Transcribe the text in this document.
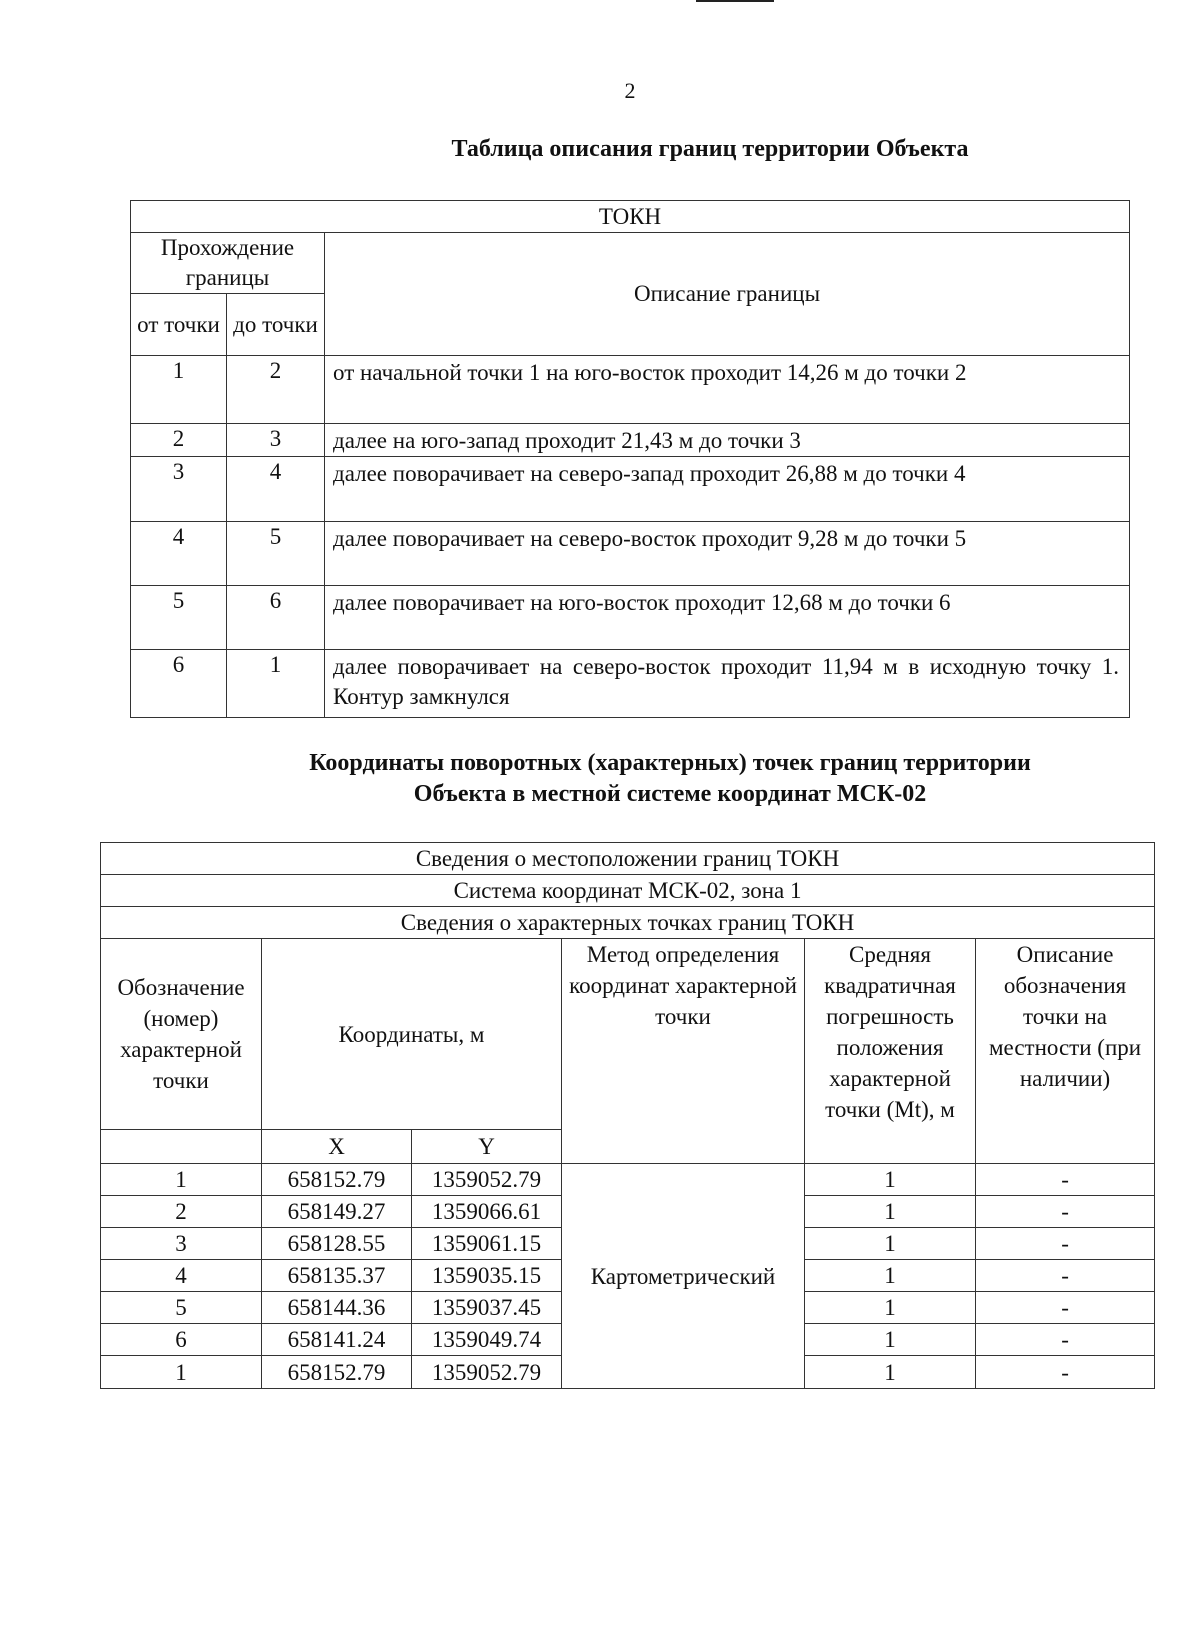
2
Таблица описания границ территории Объекта
ТОКН		
Прохождение границы		Описание границы
от точки	до точки	
1	2	от начальной точки 1 на юго-восток проходит 14,26 м до точки 2
2	3	далее на юго-запад проходит 21,43 м до точки 3
3	4	далее поворачивает на северо-запад проходит 26,88 м до точки 4
4	5	далее поворачивает на северо-восток проходит 9,28 м до точки 5
5	6	далее поворачивает на юго-восток проходит 12,68 м до точки 6
6	1	далее поворачивает на северо-восток проходит 11,94 м в исходную точку 1. Контур замкнулся
Координаты поворотных (характерных) точек границ территории
Объекта в местной системе координат МСК-02
Сведения о местоположении границ ТОКН					
Система координат МСК-02, зона 1					
Сведения о характерных точках границ ТОКН					
Обозначение (номер) характерной точки	Координаты, м		Метод определения координат характерной точки	Средняя квадратичная погрешность положения характерной точки (Mt), м	Описание обозначения точки на местности (при наличии)
	X	Y			
1	658152.79	1359052.79	Картометрический	1	-
2	658149.27	1359066.61		1	-
3	658128.55	1359061.15		1	-
4	658135.37	1359035.15		1	-
5	658144.36	1359037.45		1	-
6	658141.24	1359049.74		1	-
1	658152.79	1359052.79		1	-
